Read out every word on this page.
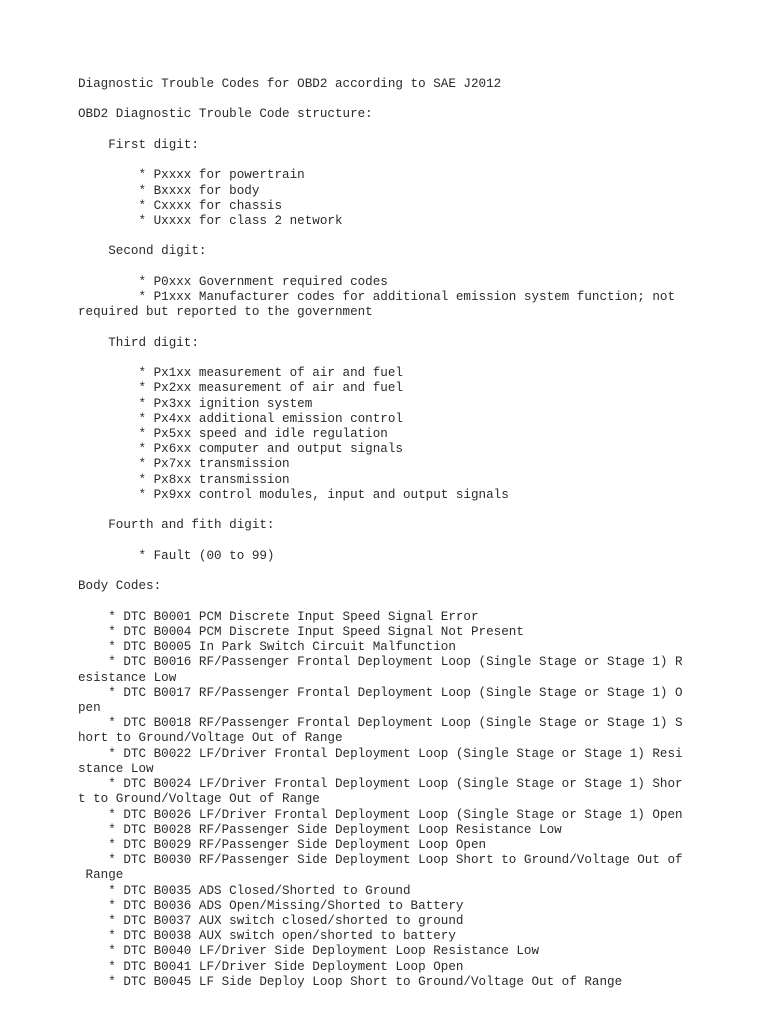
Diagnostic Trouble Codes for OBD2 according to SAE J2012

OBD2 Diagnostic Trouble Code structure:

First digit:

* Pxxxx for powertrain
* Bxxxx for body
* Cxxxx for chassis
* Uxxxx for class 2 network

Second digit:

* P0xxx Government required codes
* P1xxx Manufacturer codes for additional emission system function; not
required but reported to the government

Third digit:

* Px1xx measurement of air and fuel
* Px2xx measurement of air and fuel
* Px3xx ignition system
* Px4xx additional emission control
* Px5xx speed and idle regulation
* Px6xx computer and output signals
* Px7xx transmission
* Px8xx transmission
* Px9xx control modules, input and output signals

Fourth and fith digit:

* Fault (00 to 99)

Body Codes:

* DTC B0001 PCM Discrete Input Speed Signal Error
* DTC B0004 PCM Discrete Input Speed Signal Not Present
* DTC B0005 In Park Switch Circuit Malfunction
* DTC B0016 RF/Passenger Frontal Deployment Loop (Single Stage or Stage 1) R
esistance Low
* DTC B0017 RF/Passenger Frontal Deployment Loop (Single Stage or Stage 1) O
pen
* DTC B0018 RF/Passenger Frontal Deployment Loop (Single Stage or Stage 1) S
hort to Ground/Voltage Out of Range
* DTC B0022 LF/Driver Frontal Deployment Loop (Single Stage or Stage 1) Resi
stance Low
* DTC B0024 LF/Driver Frontal Deployment Loop (Single Stage or Stage 1) Shor
t to Ground/Voltage Out of Range
* DTC B0026 LF/Driver Frontal Deployment Loop (Single Stage or Stage 1) Open
* DTC B0028 RF/Passenger Side Deployment Loop Resistance Low
* DTC B0029 RF/Passenger Side Deployment Loop Open
* DTC B0030 RF/Passenger Side Deployment Loop Short to Ground/Voltage Out of
Range
* DTC B0035 ADS Closed/Shorted to Ground
* DTC B0036 ADS Open/Missing/Shorted to Battery
* DTC B0037 AUX switch closed/shorted to ground
* DTC B0038 AUX switch open/shorted to battery
* DTC B0040 LF/Driver Side Deployment Loop Resistance Low
* DTC B0041 LF/Driver Side Deployment Loop Open
* DTC B0045 LF Side Deploy Loop Short to Ground/Voltage Out of Range
